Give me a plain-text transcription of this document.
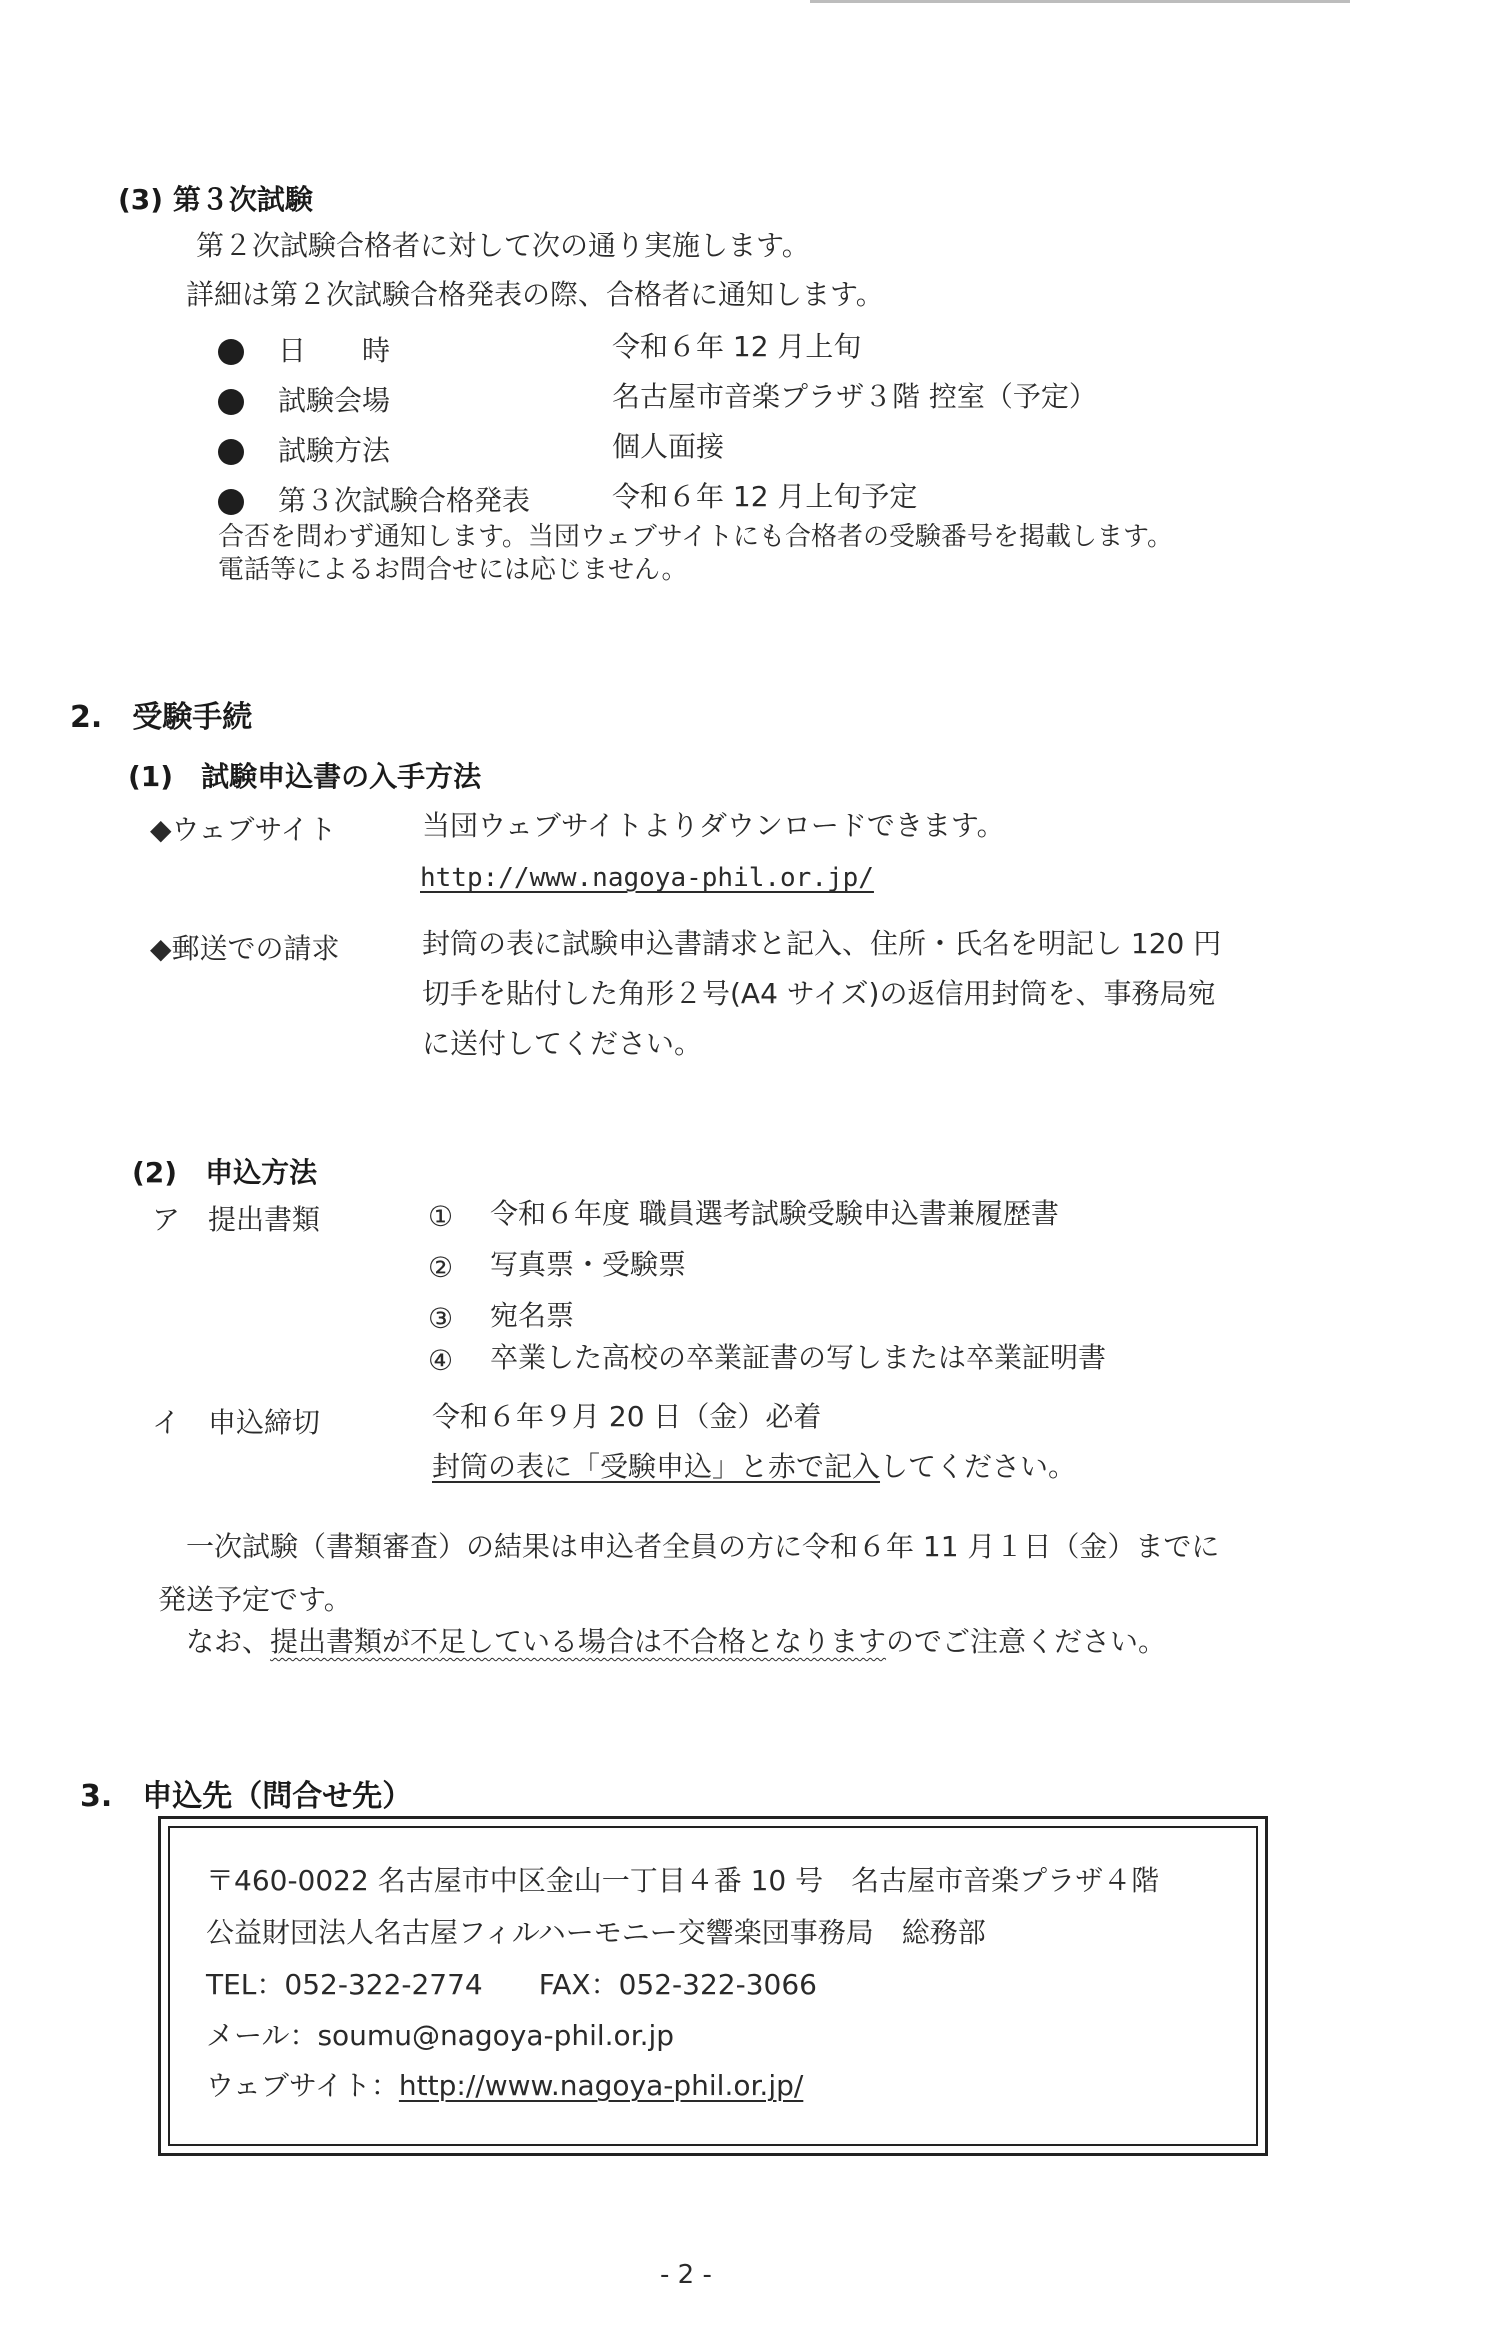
(3) 第３次試験
第２次試験合格者に対して次の通り実施します。
詳細は第２次試験合格発表の際、合格者に通知します。
日　　時	令和６年 12 月上旬
試験会場	名古屋市音楽プラザ３階 控室（予定）
試験方法	個人面接
第３次試験合格発表	令和６年 12 月上旬予定
合否を問わず通知します。当団ウェブサイトにも合格者の受験番号を掲載します。
電話等によるお問合せには応じません。
2.　受験手続
(1)　試験申込書の入手方法
◆ウェブサイト	当団ウェブサイトよりダウンロードできます。
http://www.nagoya-phil.or.jp/
◆郵送での請求	封筒の表に試験申込書請求と記入、住所・氏名を明記し 120 円
切手を貼付した角形２号(A4 サイズ)の返信用封筒を、事務局宛
に送付してください。
(2)　申込方法
ア　提出書類	① 令和６年度 職員選考試験受験申込書兼履歴書
② 写真票・受験票
③ 宛名票
④ 卒業した高校の卒業証書の写しまたは卒業証明書
イ　申込締切	令和６年９月 20 日（金）必着
封筒の表に「受験申込」と赤で記入してください。
一次試験（書類審査）の結果は申込者全員の方に令和６年 11 月１日（金）までに
発送予定です。
なお、提出書類が不足している場合は不合格となりますのでご注意ください。
3.　申込先（問合せ先）
〒460-0022 名古屋市中区金山一丁目４番 10 号　名古屋市音楽プラザ４階
公益財団法人名古屋フィルハーモニー交響楽団事務局　総務部
TEL：052-322-2774　　FAX：052-322-3066
メール：soumu@nagoya-phil.or.jp
ウェブサイト：http://www.nagoya-phil.or.jp/
- 2 -
